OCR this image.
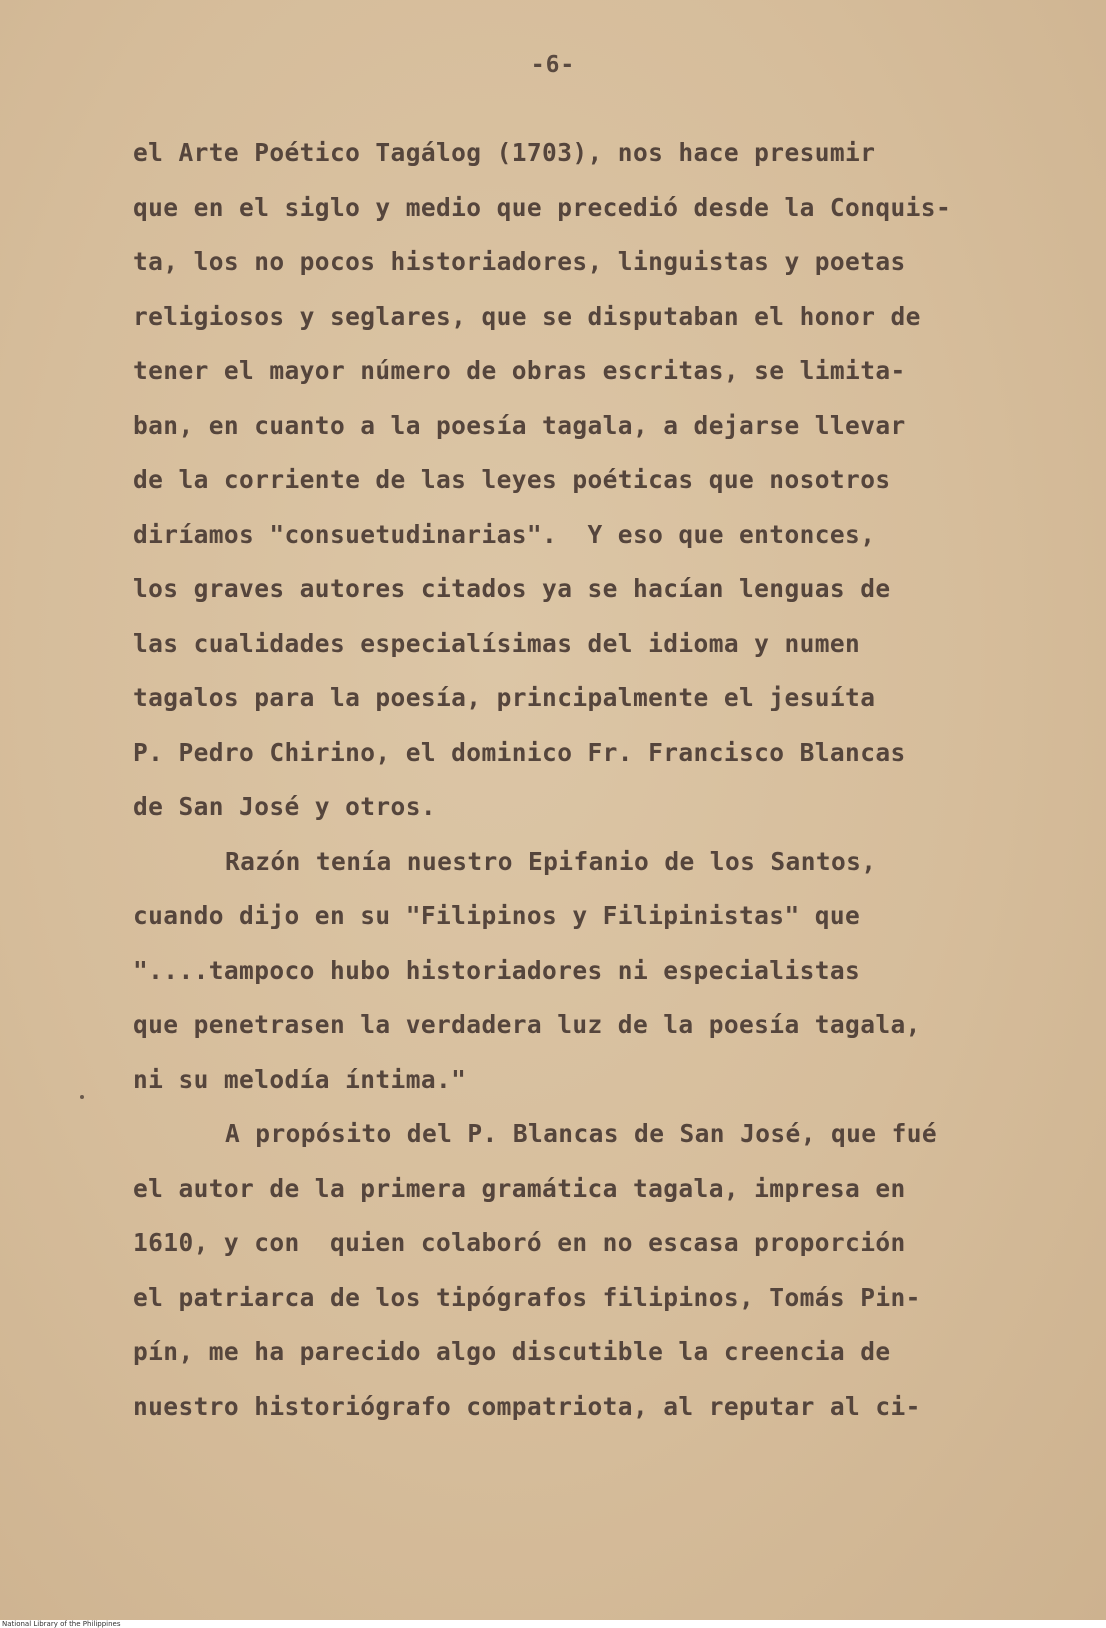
-6-
el Arte Poético Tagálog (1703), nos hace presumir
que en el siglo y medio que precedió desde la Conquis-
ta, los no pocos historiadores, linguistas y poetas
religiosos y seglares, que se disputaban el honor de
tener el mayor número de obras escritas, se limita-
ban, en cuanto a la poesía tagala, a dejarse llevar
de la corriente de las leyes poéticas que nosotros
diríamos "consuetudinarias".  Y eso que entonces,
los graves autores citados ya se hacían lenguas de
las cualidades especialísimas del idioma y numen
tagalos para la poesía, principalmente el jesuíta
P. Pedro Chirino, el dominico Fr. Francisco Blancas
de San José y otros.
Razón tenía nuestro Epifanio de los Santos,
cuando dijo en su "Filipinos y Filipinistas" que
"....tampoco hubo historiadores ni especialistas
que penetrasen la verdadera luz de la poesía tagala,
ni su melodía íntima."
A propósito del P. Blancas de San José, que fué
el autor de la primera gramática tagala, impresa en
1610, y con  quien colaboró en no escasa proporción
el patriarca de los tipógrafos filipinos, Tomás Pin-
pín, me ha parecido algo discutible la creencia de
nuestro historiógrafo compatriota, al reputar al ci-
National Library of the Philippines
